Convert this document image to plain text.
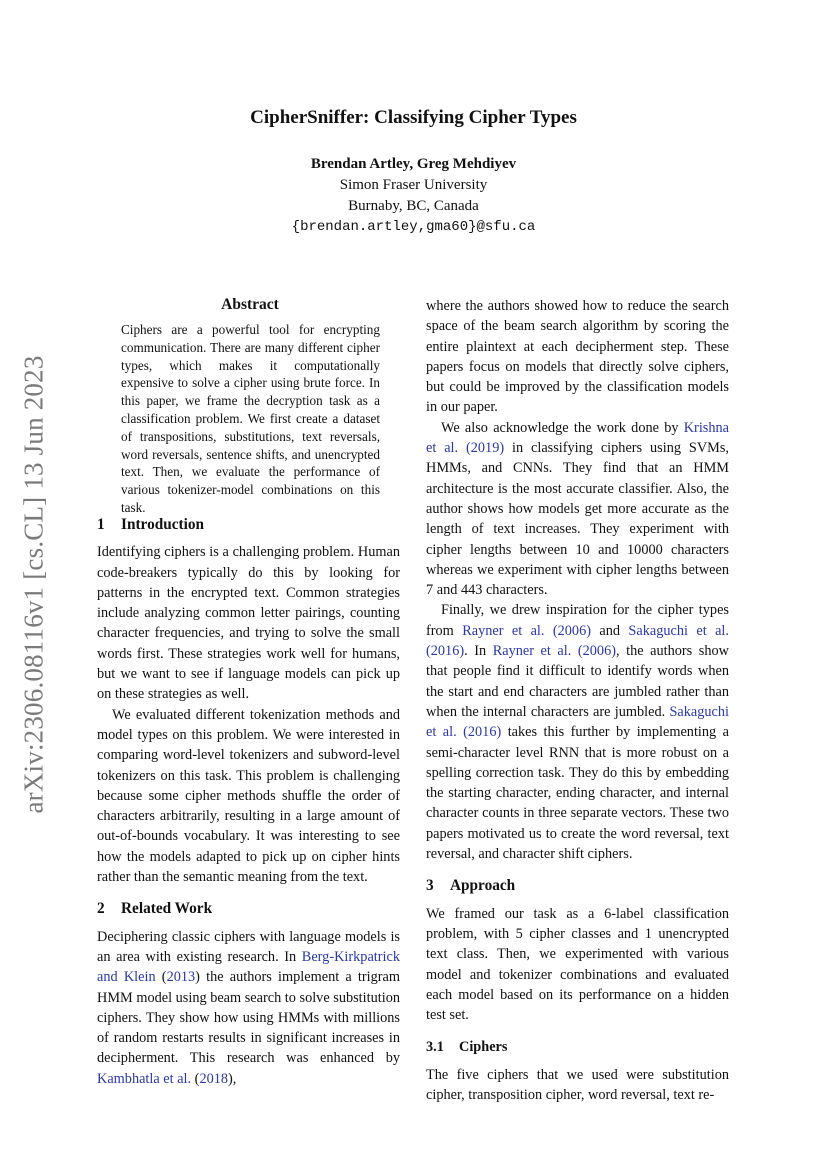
arXiv:2306.08116v1 [cs.CL] 13 Jun 2023
CipherSniffer: Classifying Cipher Types
Brendan Artley, Greg Mehdiyev
Simon Fraser University
Burnaby, BC, Canada
{brendan.artley,gma60}@sfu.ca
Abstract

Ciphers are a powerful tool for encrypting communication. There are many different cipher types, which makes it computationally expensive to solve a cipher using brute force. In this paper, we frame the decryption task as a classification problem. We first create a dataset of transpositions, substitutions, text reversals, word reversals, sentence shifts, and unencrypted text. Then, we evaluate the performance of various tokenizer-model combinations on this task.

1 Introduction

Identifying ciphers is a challenging problem. Human code-breakers typically do this by looking for patterns in the encrypted text. Common strategies include analyzing common letter pairings, counting character frequencies, and trying to solve the small words first. These strategies work well for humans, but we want to see if language models can pick up on these strategies as well.

We evaluated different tokenization methods and model types on this problem. We were interested in comparing word-level tokenizers and subword-level tokenizers on this task. This problem is challenging because some cipher methods shuffle the order of characters arbitrarily, resulting in a large amount of out-of-bounds vocabulary. It was interesting to see how the models adapted to pick up on cipher hints rather than the semantic meaning from the text.

2 Related Work

Deciphering classic ciphers with language models is an area with existing research. In Berg-Kirkpatrick and Klein (2013) the authors implement a trigram HMM model using beam search to solve substitution ciphers. They show how using HMMs with millions of random restarts results in significant increases in decipherment. This research was enhanced by Kambhatla et al. (2018),

where the authors showed how to reduce the search space of the beam search algorithm by scoring the entire plaintext at each decipherment step. These papers focus on models that directly solve ciphers, but could be improved by the classification models in our paper.

We also acknowledge the work done by Krishna et al. (2019) in classifying ciphers using SVMs, HMMs, and CNNs. They find that an HMM architecture is the most accurate classifier. Also, the author shows how models get more accurate as the length of text increases. They experiment with cipher lengths between 10 and 10000 characters whereas we experiment with cipher lengths between 7 and 443 characters.

Finally, we drew inspiration for the cipher types from Rayner et al. (2006) and Sakaguchi et al. (2016). In Rayner et al. (2006), the authors show that people find it difficult to identify words when the start and end characters are jumbled rather than when the internal characters are jumbled. Sakaguchi et al. (2016) takes this further by implementing a semi-character level RNN that is more robust on a spelling correction task. They do this by embedding the starting character, ending character, and internal character counts in three separate vectors. These two papers motivated us to create the word reversal, text reversal, and character shift ciphers.

3 Approach

We framed our task as a 6-label classification problem, with 5 cipher classes and 1 unencrypted text class. Then, we experimented with various model and tokenizer combinations and evaluated each model based on its performance on a hidden test set.

3.1 Ciphers

The five ciphers that we used were substitution cipher, transposition cipher, word reversal, text re-
